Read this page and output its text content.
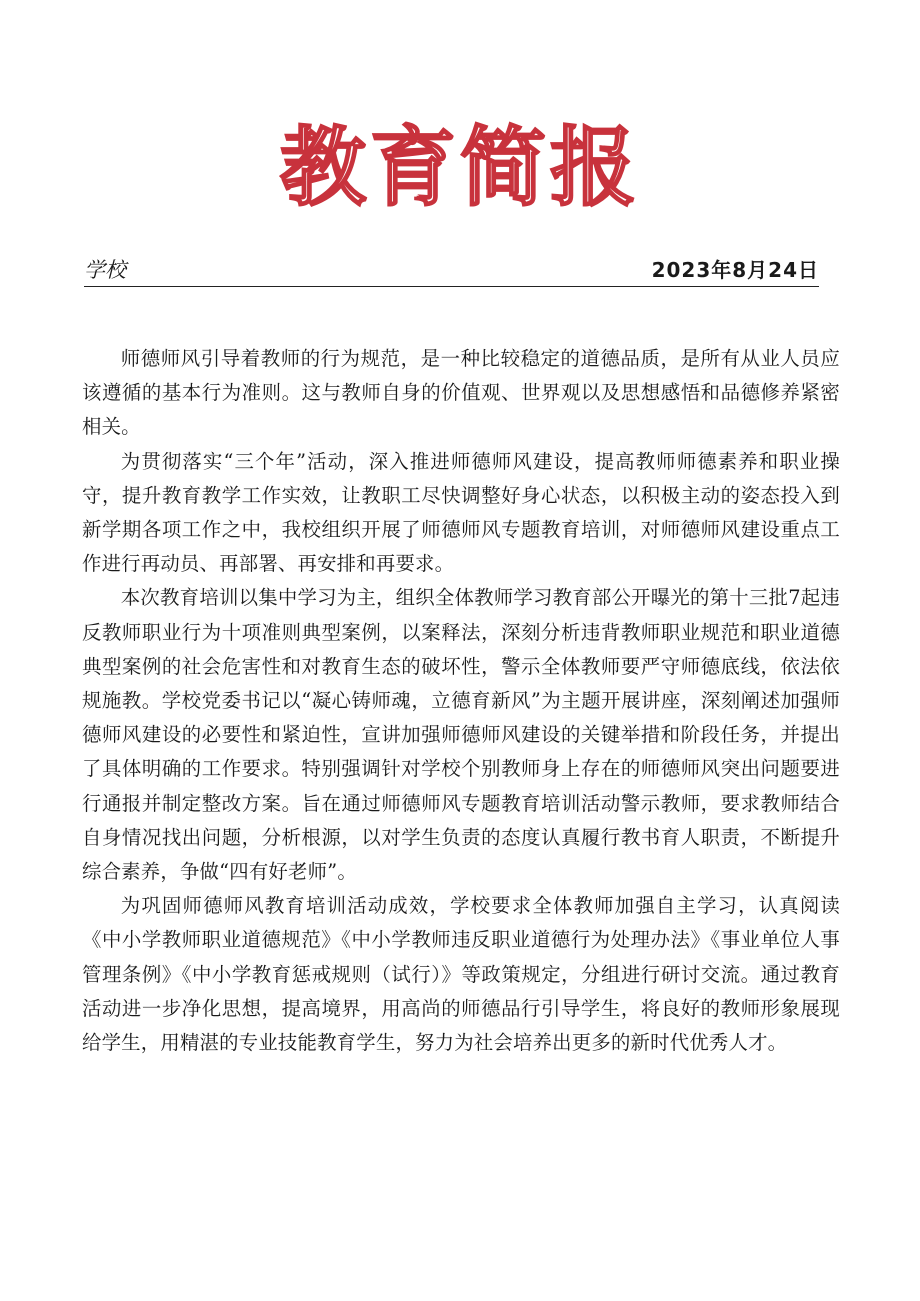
教育简报
学校	2023年8月24日

师德师风引导着教师的行为规范，是一种比较稳定的道德品质，是所有从业人员应该遵循的基本行为准则。这与教师自身的价值观、世界观以及思想感悟和品德修养紧密相关。

为贯彻落实“三个年”活动，深入推进师德师风建设，提高教师师德素养和职业操守，提升教育教学工作实效，让教职工尽快调整好身心状态，以积极主动的姿态投入到新学期各项工作之中，我校组织开展了师德师风专题教育培训，对师德师风建设重点工作进行再动员、再部署、再安排和再要求。

本次教育培训以集中学习为主，组织全体教师学习教育部公开曝光的第十三批7起违反教师职业行为十项准则典型案例，以案释法，深刻分析违背教师职业规范和职业道德典型案例的社会危害性和对教育生态的破坏性，警示全体教师要严守师德底线，依法依规施教。学校党委书记以“凝心铸师魂，立德育新风”为主题开展讲座，深刻阐述加强师德师风建设的必要性和紧迫性，宣讲加强师德师风建设的关键举措和阶段任务，并提出了具体明确的工作要求。特别强调针对学校个别教师身上存在的师德师风突出问题要进行通报并制定整改方案。旨在通过师德师风专题教育培训活动警示教师，要求教师结合自身情况找出问题，分析根源，以对学生负责的态度认真履行教书育人职责，不断提升综合素养，争做“四有好老师”。

为巩固师德师风教育培训活动成效，学校要求全体教师加强自主学习，认真阅读《中小学教师职业道德规范》《中小学教师违反职业道德行为处理办法》《事业单位人事管理条例》《中小学教育惩戒规则（试行）》等政策规定，分组进行研讨交流。通过教育活动进一步净化思想，提高境界，用高尚的师德品行引导学生，将良好的教师形象展现给学生，用精湛的专业技能教育学生，努力为社会培养出更多的新时代优秀人才。
